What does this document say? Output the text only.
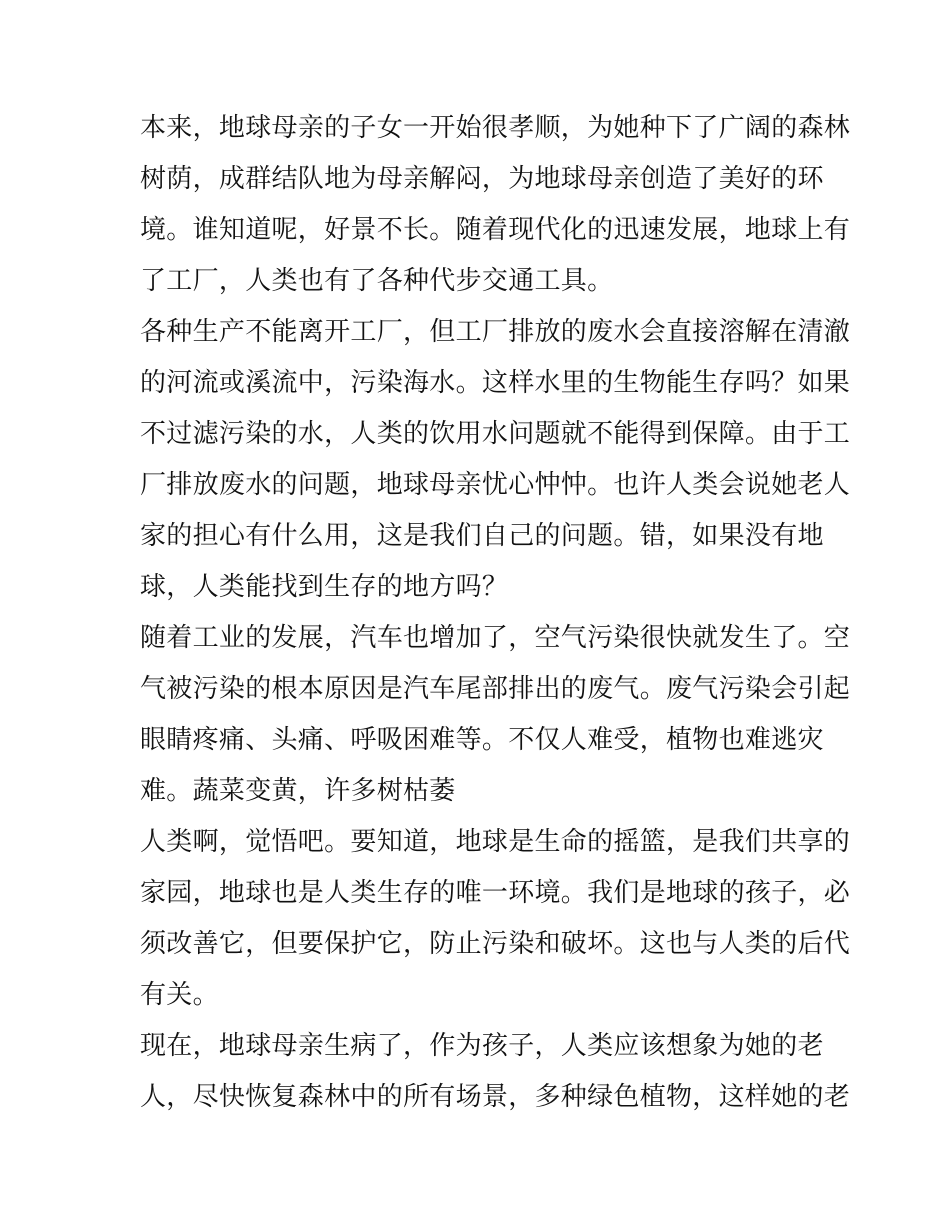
本来，地球母亲的子女一开始很孝顺，为她种下了广阔的森林
树荫，成群结队地为母亲解闷，为地球母亲创造了美好的环
境。谁知道呢，好景不长。随着现代化的迅速发展，地球上有
了工厂，人类也有了各种代步交通工具。
各种生产不能离开工厂，但工厂排放的废水会直接溶解在清澈
的河流或溪流中，污染海水。这样水里的生物能生存吗？如果
不过滤污染的水，人类的饮用水问题就不能得到保障。由于工
厂排放废水的问题，地球母亲忧心忡忡。也许人类会说她老人
家的担心有什么用，这是我们自己的问题。错，如果没有地
球，人类能找到生存的地方吗？
随着工业的发展，汽车也增加了，空气污染很快就发生了。空
气被污染的根本原因是汽车尾部排出的废气。废气污染会引起
眼睛疼痛、头痛、呼吸困难等。不仅人难受，植物也难逃灾
难。蔬菜变黄，许多树枯萎
人类啊，觉悟吧。要知道，地球是生命的摇篮，是我们共享的
家园，地球也是人类生存的唯一环境。我们是地球的孩子，必
须改善它，但要保护它，防止污染和破坏。这也与人类的后代
有关。
现在，地球母亲生病了，作为孩子，人类应该想象为她的老
人，尽快恢复森林中的所有场景，多种绿色植物，这样她的老
